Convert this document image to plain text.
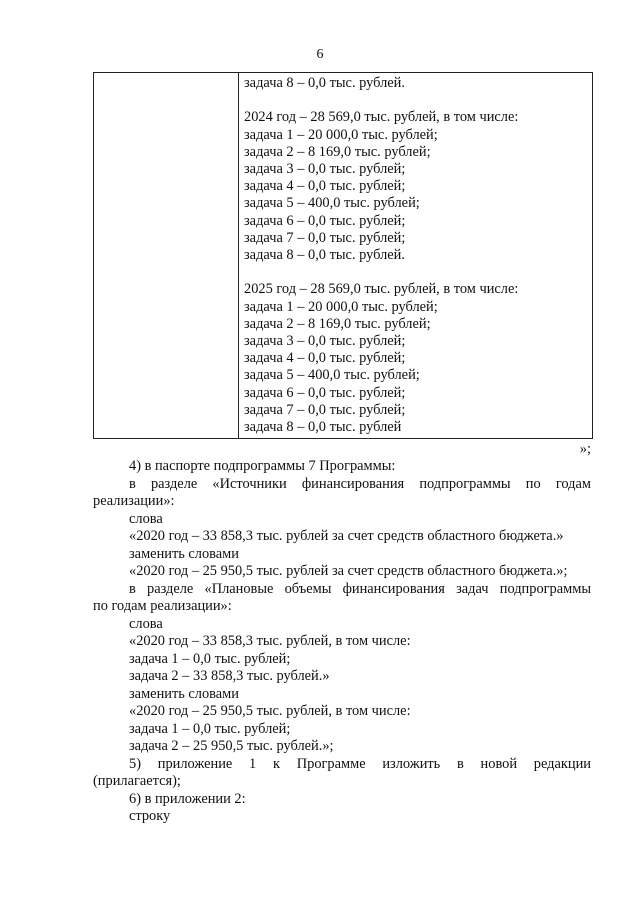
6
задача 8 – 0,0 тыс. рублей.
2024 год – 28 569,0 тыс. рублей, в том числе:
задача 1 – 20 000,0 тыс. рублей;
задача 2 – 8 169,0 тыс. рублей;
задача 3 – 0,0 тыс. рублей;
задача 4 – 0,0 тыс. рублей;
задача 5 – 400,0 тыс. рублей;
задача 6 – 0,0 тыс. рублей;
задача 7 – 0,0 тыс. рублей;
задача 8 – 0,0 тыс. рублей.
2025 год – 28 569,0 тыс. рублей, в том числе:
задача 1 – 20 000,0 тыс. рублей;
задача 2 – 8 169,0 тыс. рублей;
задача 3 – 0,0 тыс. рублей;
задача 4 – 0,0 тыс. рублей;
задача 5 – 400,0 тыс. рублей;
задача 6 – 0,0 тыс. рублей;
задача 7 – 0,0 тыс. рублей;
задача 8 – 0,0 тыс. рублей
»;
4) в паспорте подпрограммы 7 Программы:
в разделе «Источники финансирования подпрограммы по годам
реализации»:
слова
«2020 год – 33 858,3 тыс. рублей за счет средств областного бюджета.»
заменить словами
«2020 год – 25 950,5 тыс. рублей за счет средств областного бюджета.»;
в разделе «Плановые объемы финансирования задач подпрограммы
по годам реализации»:
слова
«2020 год – 33 858,3 тыс. рублей, в том числе:
задача 1 – 0,0 тыс. рублей;
задача 2 – 33 858,3 тыс. рублей.»
заменить словами
«2020 год – 25 950,5 тыс. рублей, в том числе:
задача 1 – 0,0 тыс. рублей;
задача 2 – 25 950,5 тыс. рублей.»;
5) приложение 1 к Программе изложить в новой редакции
(прилагается);
6) в приложении 2:
строку
